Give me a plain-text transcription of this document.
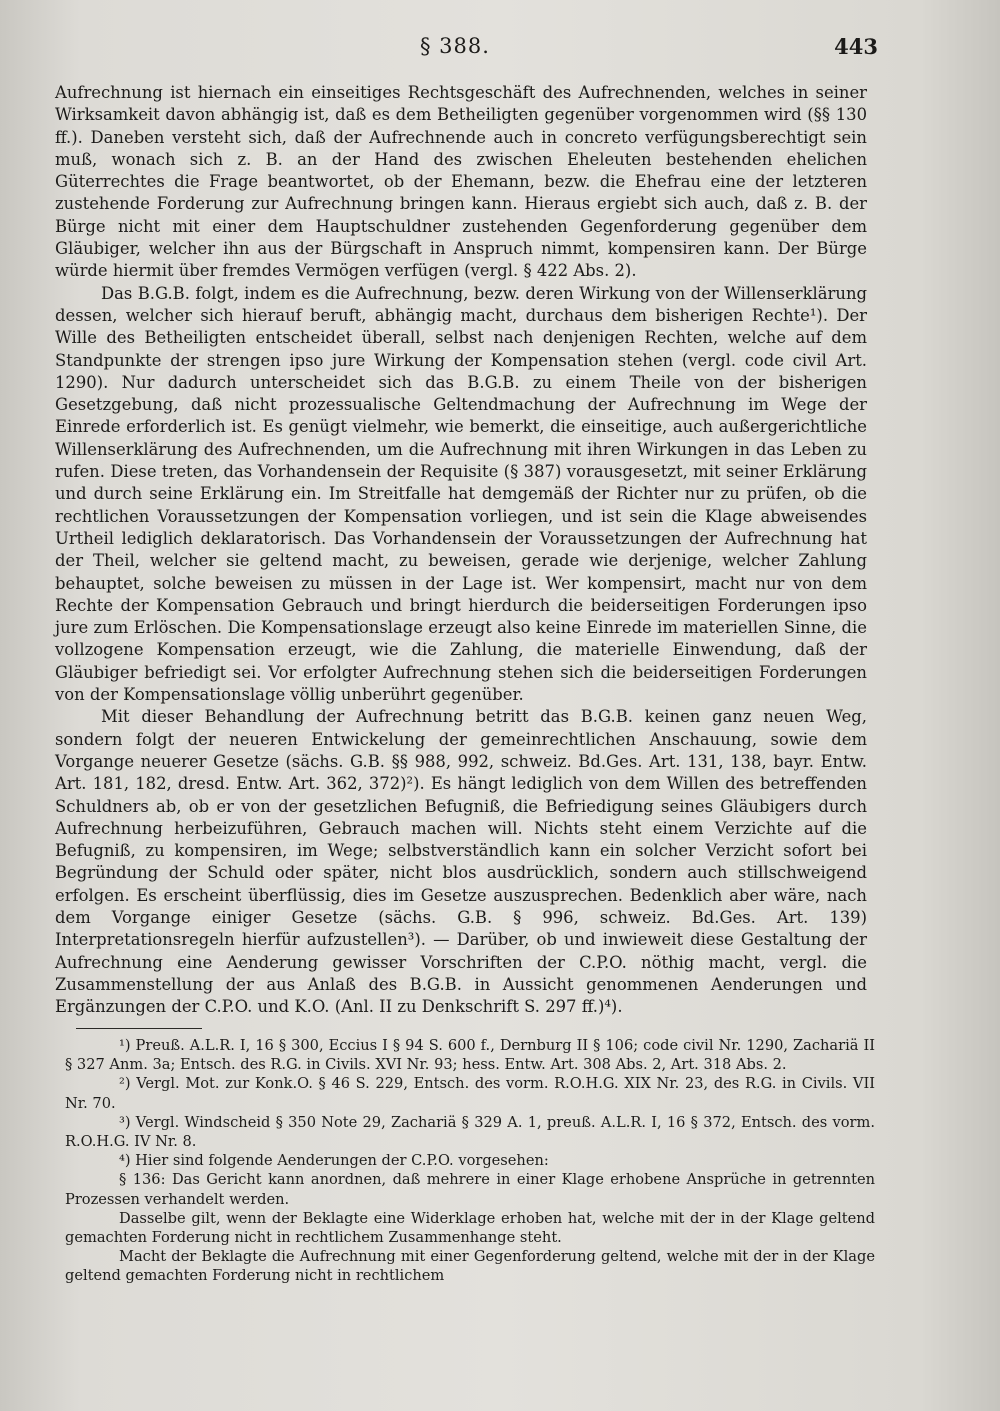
§ 388.	443

Aufrechnung ist hiernach ein einseitiges Rechtsgeschäft des Aufrechnenden, welches in seiner Wirksamkeit davon abhängig ist, daß es dem Betheiligten gegenüber vorgenommen wird (§§ 130 ff.). Daneben versteht sich, daß der Aufrechnende auch in concreto verfügungsberechtigt sein muß, wonach sich z. B. an der Hand des zwischen Eheleuten bestehenden ehelichen Güterrechtes die Frage beantwortet, ob der Ehemann, bezw. die Ehefrau eine der letzteren zustehende Forderung zur Aufrechnung bringen kann. Hieraus ergiebt sich auch, daß z. B. der Bürge nicht mit einer dem Hauptschuldner zustehenden Gegenforderung gegenüber dem Gläubiger, welcher ihn aus der Bürgschaft in Anspruch nimmt, kompensiren kann. Der Bürge würde hiermit über fremdes Vermögen verfügen (vergl. § 422 Abs. 2).

Das B.G.B. folgt, indem es die Aufrechnung, bezw. deren Wirkung von der Willenserklärung dessen, welcher sich hierauf beruft, abhängig macht, durchaus dem bisherigen Rechte¹). Der Wille des Betheiligten entscheidet überall, selbst nach denjenigen Rechten, welche auf dem Standpunkte der strengen ipso jure Wirkung der Kompensation stehen (vergl. code civil Art. 1290). Nur dadurch unterscheidet sich das B.G.B. zu einem Theile von der bisherigen Gesetzgebung, daß nicht prozessualische Geltendmachung der Aufrechnung im Wege der Einrede erforderlich ist. Es genügt vielmehr, wie bemerkt, die einseitige, auch außergerichtliche Willenserklärung des Aufrechnenden, um die Aufrechnung mit ihren Wirkungen in das Leben zu rufen. Diese treten, das Vorhandensein der Requisite (§ 387) vorausgesetzt, mit seiner Erklärung und durch seine Erklärung ein. Im Streitfalle hat demgemäß der Richter nur zu prüfen, ob die rechtlichen Voraussetzungen der Kompensation vorliegen, und ist sein die Klage abweisendes Urtheil lediglich deklaratorisch. Das Vorhandensein der Voraussetzungen der Aufrechnung hat der Theil, welcher sie geltend macht, zu beweisen, gerade wie derjenige, welcher Zahlung behauptet, solche beweisen zu müssen in der Lage ist. Wer kompensirt, macht nur von dem Rechte der Kompensation Gebrauch und bringt hierdurch die beiderseitigen Forderungen ipso jure zum Erlöschen. Die Kompensationslage erzeugt also keine Einrede im materiellen Sinne, die vollzogene Kompensation erzeugt, wie die Zahlung, die materielle Einwendung, daß der Gläubiger befriedigt sei. Vor erfolgter Aufrechnung stehen sich die beiderseitigen Forderungen von der Kompensationslage völlig unberührt gegenüber.

Mit dieser Behandlung der Aufrechnung betritt das B.G.B. keinen ganz neuen Weg, sondern folgt der neueren Entwickelung der gemeinrechtlichen Anschauung, sowie dem Vorgange neuerer Gesetze (sächs. G.B. §§ 988, 992, schweiz. Bd.Ges. Art. 131, 138, bayr. Entw. Art. 181, 182, dresd. Entw. Art. 362, 372)²). Es hängt lediglich von dem Willen des betreffenden Schuldners ab, ob er von der gesetzlichen Befugniß, die Befriedigung seines Gläubigers durch Aufrechnung herbeizuführen, Gebrauch machen will. Nichts steht einem Verzichte auf die Befugniß, zu kompensiren, im Wege; selbstverständlich kann ein solcher Verzicht sofort bei Begründung der Schuld oder später, nicht blos ausdrücklich, sondern auch stillschweigend erfolgen. Es erscheint überflüssig, dies im Gesetze auszusprechen. Bedenklich aber wäre, nach dem Vorgange einiger Gesetze (sächs. G.B. § 996, schweiz. Bd.Ges. Art. 139) Interpretationsregeln hierfür aufzustellen³). — Darüber, ob und inwieweit diese Gestaltung der Aufrechnung eine Aenderung gewisser Vorschriften der C.P.O. nöthig macht, vergl. die Zusammenstellung der aus Anlaß des B.G.B. in Aussicht genommenen Aenderungen und Ergänzungen der C.P.O. und K.O. (Anl. II zu Denkschrift S. 297 ff.)⁴).

¹) Preuß. A.L.R. I, 16 § 300, Eccius I § 94 S. 600 f., Dernburg II § 106; code civil Nr. 1290, Zachariä II § 327 Anm. 3a; Entsch. des R.G. in Civils. XVI Nr. 93; hess. Entw. Art. 308 Abs. 2, Art. 318 Abs. 2.

²) Vergl. Mot. zur Konk.O. § 46 S. 229, Entsch. des vorm. R.O.H.G. XIX Nr. 23, des R.G. in Civils. VII Nr. 70.

³) Vergl. Windscheid § 350 Note 29, Zachariä § 329 A. 1, preuß. A.L.R. I, 16 § 372, Entsch. des vorm. R.O.H.G. IV Nr. 8.

⁴) Hier sind folgende Aenderungen der C.P.O. vorgesehen:

§ 136: Das Gericht kann anordnen, daß mehrere in einer Klage erhobene Ansprüche in getrennten Prozessen verhandelt werden.

Dasselbe gilt, wenn der Beklagte eine Widerklage erhoben hat, welche mit der in der Klage geltend gemachten Forderung nicht in rechtlichem Zusammenhange steht.

Macht der Beklagte die Aufrechnung mit einer Gegenforderung geltend, welche mit der in der Klage geltend gemachten Forderung nicht in rechtlichem
